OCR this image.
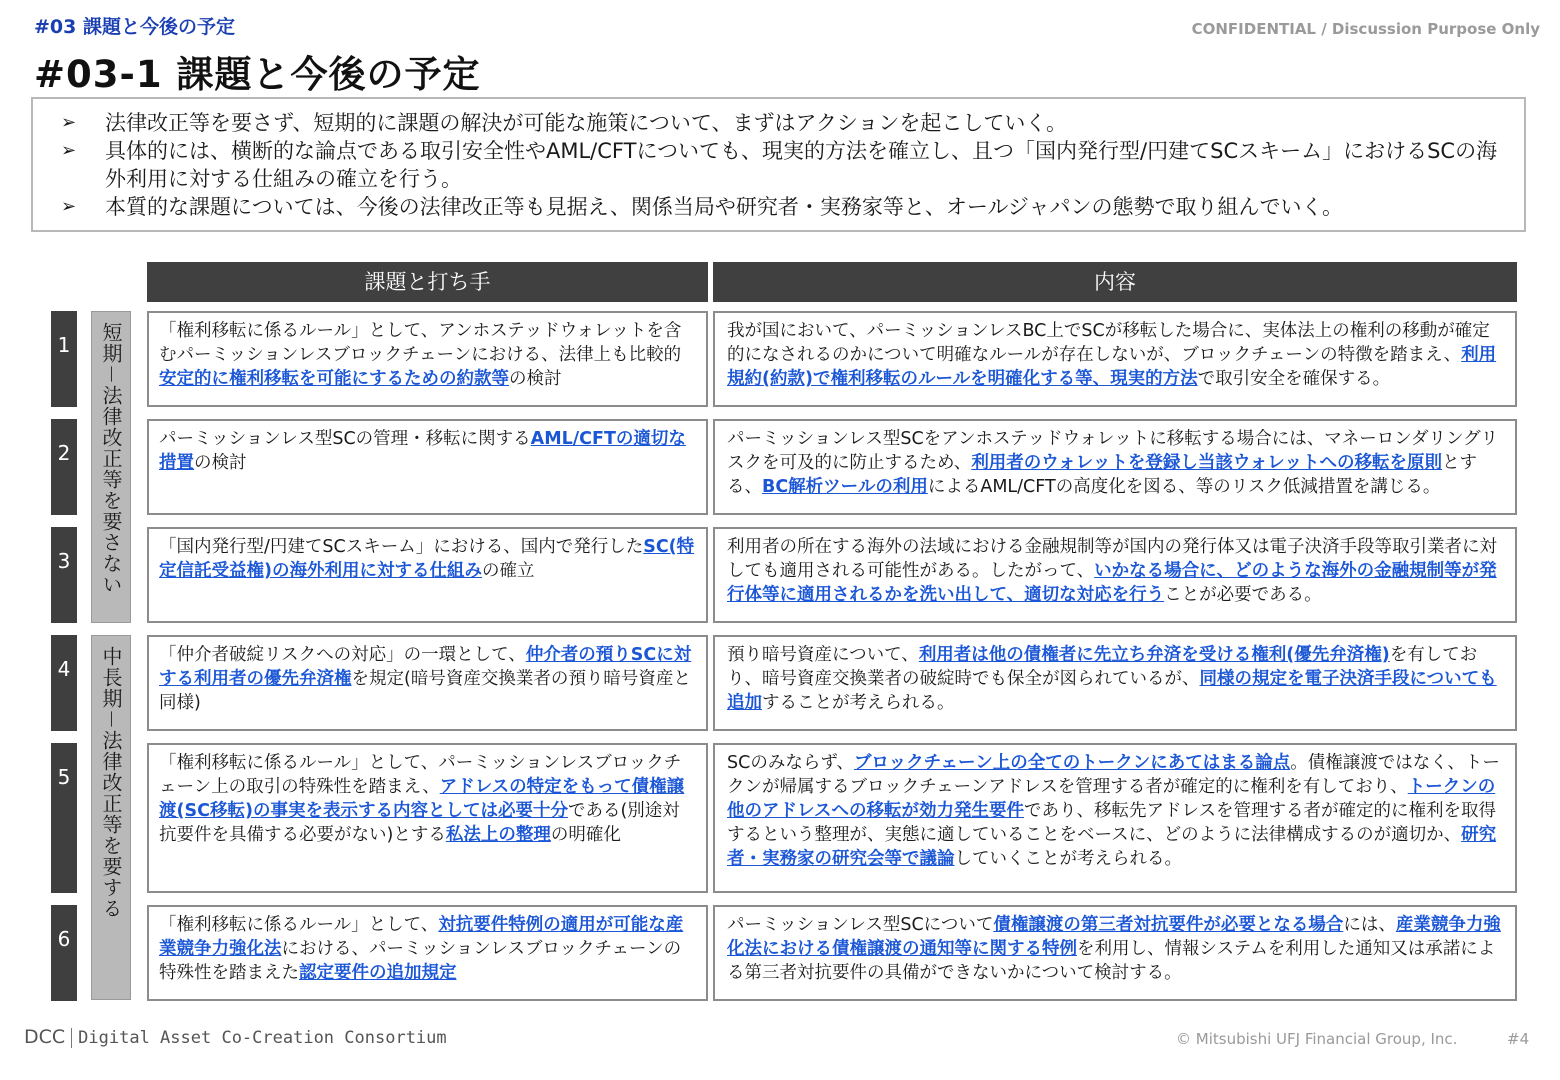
#03 課題と今後の予定	CONFIDENTIAL / Discussion Purpose Only
#03-1 課題と今後の予定
➢ 法律改正等を要さず、短期的に課題の解決が可能な施策について、まずはアクションを起こしていく。
➢ 具体的には、横断的な論点である取引安全性やAML/CFTについても、現実的方法を確立し、且つ「国内発行型/円建てSCスキーム」におけるSCの海外利用に対する仕組みの確立を行う。
➢ 本質的な課題については、今後の法律改正等も見据え、関係当局や研究者・実務家等と、オールジャパンの態勢で取り組んでいく。
課題と打ち手	内容
短期－法律改正等を要さない
中長期－法律改正等を要する
1
「権利移転に係るルール」として、アンホステッドウォレットを含むパーミッションレスブロックチェーンにおける、法律上も比較的安定的に権利移転を可能にするための約款等の検討
我が国において、パーミッションレスBC上でSCが移転した場合に、実体法上の権利の移動が確定的になされるのかについて明確なルールが存在しないが、ブロックチェーンの特徴を踏まえ、利用規約(約款)で権利移転のルールを明確化する等、現実的方法で取引安全を確保する。
2
パーミッションレス型SCの管理・移転に関するAML/CFTの適切な措置の検討
パーミッションレス型SCをアンホステッドウォレットに移転する場合には、マネーロンダリングリスクを可及的に防止するため、利用者のウォレットを登録し当該ウォレットへの移転を原則とする、BC解析ツールの利用によるAML/CFTの高度化を図る、等のリスク低減措置を講じる。
3
「国内発行型/円建てSCスキーム」における、国内で発行したSC(特定信託受益権)の海外利用に対する仕組みの確立
利用者の所在する海外の法域における金融規制等が国内の発行体又は電子決済手段等取引業者に対しても適用される可能性がある。したがって、いかなる場合に、どのような海外の金融規制等が発行体等に適用されるかを洗い出して、適切な対応を行うことが必要である。
4
「仲介者破綻リスクへの対応」の一環として、仲介者の預りSCに対する利用者の優先弁済権を規定(暗号資産交換業者の預り暗号資産と同様)
預り暗号資産について、利用者は他の債権者に先立ち弁済を受ける権利(優先弁済権)を有しており、暗号資産交換業者の破綻時でも保全が図られているが、同様の規定を電子決済手段についても追加することが考えられる。
5
「権利移転に係るルール」として、パーミッションレスブロックチェーン上の取引の特殊性を踏まえ、アドレスの特定をもって債権譲渡(SC移転)の事実を表示する内容としては必要十分である(別途対抗要件を具備する必要がない)とする私法上の整理の明確化
SCのみならず、ブロックチェーン上の全てのトークンにあてはまる論点。債権譲渡ではなく、トークンが帰属するブロックチェーンアドレスを管理する者が確定的に権利を有しており、トークンの他のアドレスへの移転が効力発生要件であり、移転先アドレスを管理する者が確定的に権利を取得するという整理が、実態に適していることをベースに、どのように法律構成するのが適切か、研究者・実務家の研究会等で議論していくことが考えられる。
6
「権利移転に係るルール」として、対抗要件特例の適用が可能な産業競争力強化法における、パーミッションレスブロックチェーンの特殊性を踏まえた認定要件の追加規定
パーミッションレス型SCについて債権譲渡の第三者対抗要件が必要となる場合には、産業競争力強化法における債権譲渡の通知等に関する特例を利用し、情報システムを利用した通知又は承諾による第三者対抗要件の具備ができないかについて検討する。
DCC Digital Asset Co-Creation Consortium	© Mitsubishi UFJ Financial Group, Inc.	#4
